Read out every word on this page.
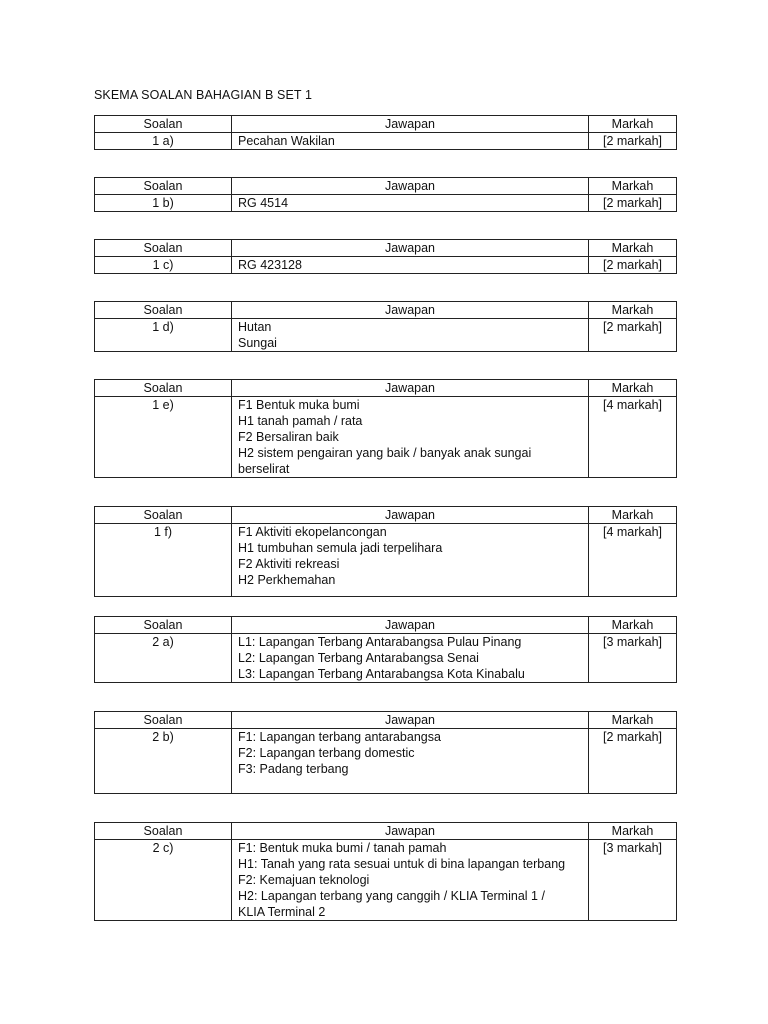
SKEMA SOALAN BAHAGIAN B SET 1
Soalan	Jawapan	Markah
1 a)	Pecahan Wakilan	[2 markah]
Soalan	Jawapan	Markah
1 b)	RG 4514	[2 markah]
Soalan	Jawapan	Markah
1 c)	RG 423128	[2 markah]
Soalan	Jawapan	Markah
1 d)	Hutan
Sungai	[2 markah]
Soalan	Jawapan	Markah
1 e)	F1 Bentuk muka bumi
H1 tanah pamah / rata
F2 Bersaliran baik
H2 sistem pengairan yang baik / banyak anak sungai
berselirat	[4 markah]
Soalan	Jawapan	Markah
1 f)	F1 Aktiviti ekopelancongan
H1 tumbuhan semula jadi terpelihara
F2 Aktiviti rekreasi
H2 Perkhemahan	[4 markah]
Soalan	Jawapan	Markah
2 a)	L1: Lapangan Terbang Antarabangsa Pulau Pinang
L2: Lapangan Terbang Antarabangsa Senai
L3: Lapangan Terbang Antarabangsa Kota Kinabalu	[3 markah]
Soalan	Jawapan	Markah
2 b)	F1: Lapangan terbang antarabangsa
F2: Lapangan terbang domestic
F3: Padang terbang	[2 markah]
Soalan	Jawapan	Markah
2 c)	F1: Bentuk muka bumi / tanah pamah
H1: Tanah yang rata sesuai untuk di bina lapangan terbang
F2: Kemajuan teknologi
H2: Lapangan terbang yang canggih / KLIA Terminal 1 /
KLIA Terminal 2	[3 markah]
